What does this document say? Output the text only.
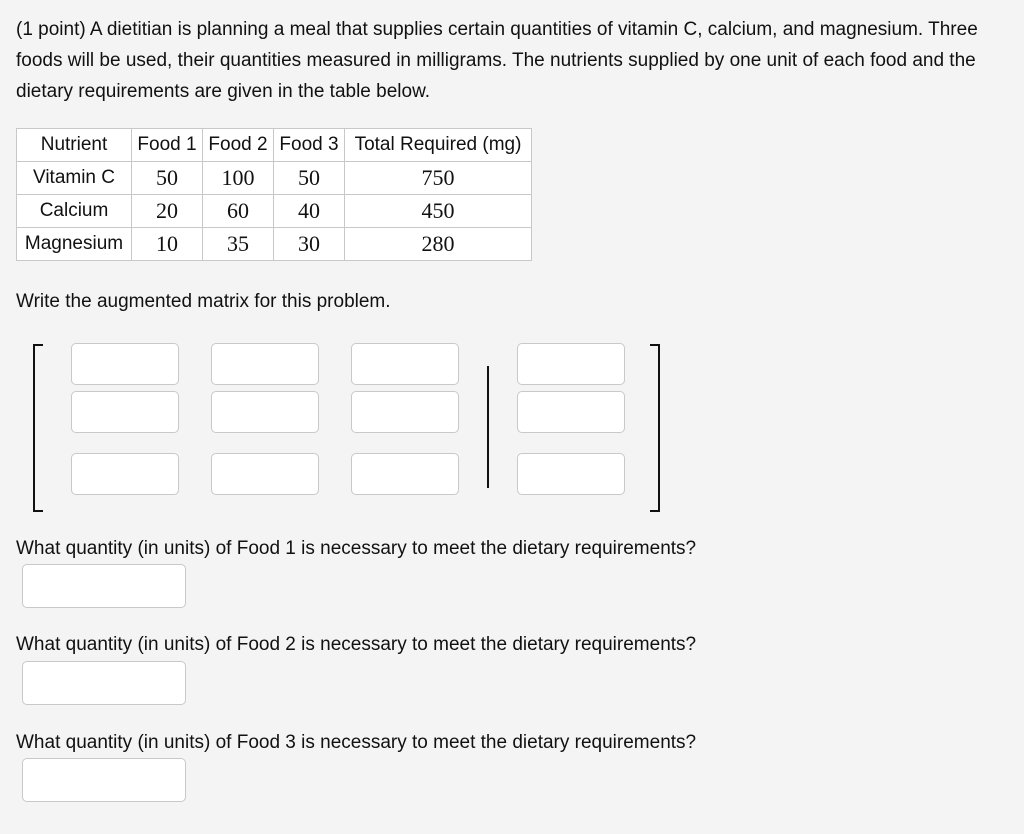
(1 point) A dietitian is planning a meal that supplies certain quantities of vitamin C, calcium, and magnesium. Three foods will be used, their quantities measured in milligrams. The nutrients supplied by one unit of each food and the dietary requirements are given in the table below.
Nutrient	Food 1	Food 2	Food 3	Total Required (mg)
Vitamin C	50	100	50	750
Calcium	20	60	40	450
Magnesium	10	35	30	280
Write the augmented matrix for this problem.
What quantity (in units) of Food 1 is necessary to meet the dietary requirements?
What quantity (in units) of Food 2 is necessary to meet the dietary requirements?
What quantity (in units) of Food 3 is necessary to meet the dietary requirements?
